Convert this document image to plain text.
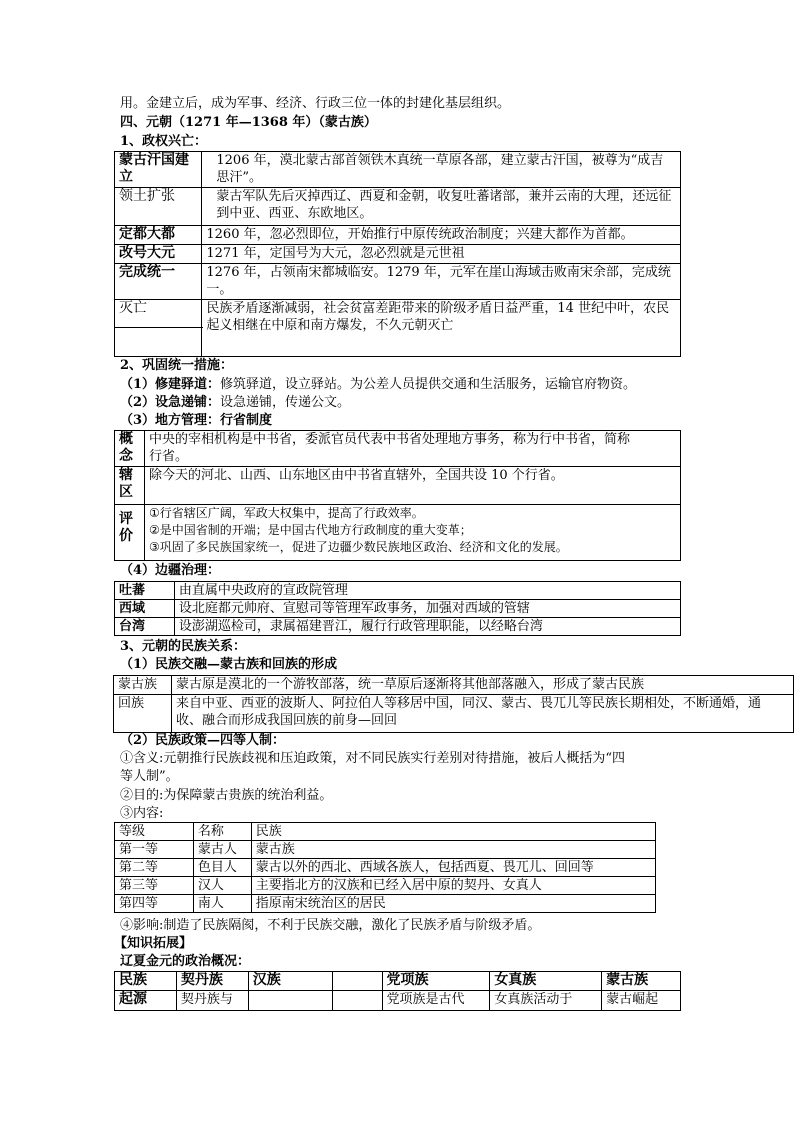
用。金建立后，成为军事、经济、行政三位一体的封建化基层组织。
四、元朝（1271 年—1368 年）（蒙古族）
1、政权兴亡：
蒙古汗国建立	1206 年，漠北蒙古部首领铁木真统一草原各部，建立蒙古汗国，被尊为“成吉思汗”。
领土扩张	蒙古军队先后灭掉西辽、西夏和金朝，收复吐蕃诸部，兼并云南的大理，还远征到中亚、西亚、东欧地区。
定都大都	1260 年，忽必烈即位，开始推行中原传统政治制度；兴建大都作为首都。
改号大元	1271 年，定国号为大元，忽必烈就是元世祖
完成统一	1276 年，占领南宋都城临安。1279 年，元军在崖山海域击败南宋余部，完成统一。
灭亡	民族矛盾逐渐减弱，社会贫富差距带来的阶级矛盾日益严重，14 世纪中叶，农民起义相继在中原和南方爆发，不久元朝灭亡
2、巩固统一措施：
（1）修建驿道：修筑驿道，设立驿站。为公差人员提供交通和生活服务，运输官府物资。
（2）设急递铺：设急递铺，传递公文。
（3）地方管理：行省制度
概念	中央的宰相机构是中书省，委派官员代表中书省处理地方事务，称为行中书省，简称
行省。

辖区	除今天的河北、山西、山东地区由中书省直辖外，全国共设 10 个行省。

评价	①行省辖区广阔，军政大权集中，提高了行政效率。
②是中国省制的开端；是中国古代地方行政制度的重大变革；
③巩固了多民族国家统一，促进了边疆少数民族地区政治、经济和文化的发展。
（4）边疆治理：
吐蕃	由直属中央政府的宣政院管理
西域	设北庭都元帅府、宣慰司等管理军政事务，加强对西域的管辖
台湾	设澎湖巡检司，隶属福建晋江，履行行政管理职能，以经略台湾
3、元朝的民族关系：
（1）民族交融—蒙古族和回族的形成
蒙古族	蒙古原是漠北的一个游牧部落，统一草原后逐渐将其他部落融入，形成了蒙古民族

回族	来自中亚、西亚的波斯人、阿拉伯人等移居中国，同汉、蒙古、畏兀儿等民族长期相处，不断通婚，通
收、融合而形成我国回族的前身—回回
（2）民族政策—四等人制：
①含义:元朝推行民族歧视和压迫政策，对不同民族实行差别对待措施，被后人概括为“四
等人制”。
②目的:为保障蒙古贵族的统治利益。
③内容:
等级	名称	民族
第一等	蒙古人	蒙古族
第二等	色目人	蒙古以外的西北、西域各族人，包括西夏、畏兀儿、回回等
第三等	汉人	主要指北方的汉族和已经入居中原的契丹、女真人
第四等	南人	指原南宋统治区的居民
④影响:制造了民族隔阂，不利于民族交融，激化了民族矛盾与阶级矛盾。
【知识拓展】
辽夏金元的政治概况：
民族	契丹族	汉族		党项族	女真族	蒙古族
起源	契丹族与			党项族是古代	女真族活动于	蒙古崛起
